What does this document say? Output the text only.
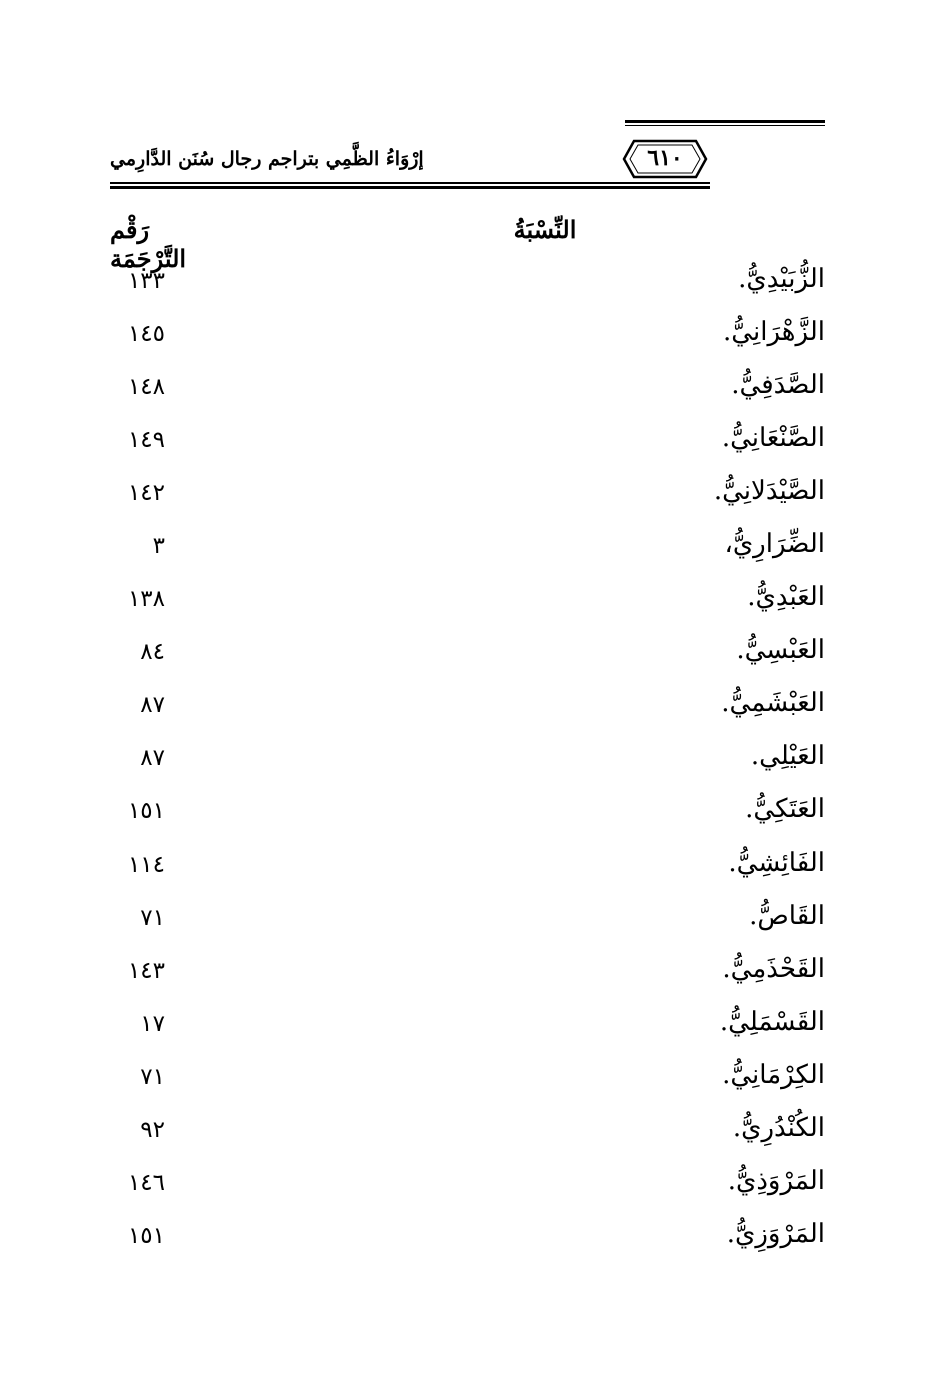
إرْوَاءُ الظَّمِي بتراجم رجال سُنَن الدَّارِمي	٦١٠
النِّسْبَةُ
رَقْم التَّرْجَمَة
الزُّبَيْدِيُّ.
١٣٣
الزَّهْرَانِيُّ.
١٤٥
الصَّدَفِيُّ.
١٤٨
الصَّنْعَانِيُّ.
١٤٩
الصَّيْدَلانِيُّ.
١٤٢
الضِّرَارِيُّ،
٣
العَبْدِيُّ.
١٣٨
العَبْسِيُّ.
٨٤
العَبْشَمِيُّ.
٨٧
العَيْلِي.
٨٧
العَتَكِيُّ.
١٥١
الفَائِشِيُّ.
١١٤
القَاصُّ.
٧١
القَحْذَمِيُّ.
١٤٣
القَسْمَلِيُّ.
١٧
الكِرْمَانِيُّ.
٧١
الكُنْدُرِيُّ.
٩٢
المَرْوَذِيُّ.
١٤٦
المَرْوَزِيُّ.
١٥١
